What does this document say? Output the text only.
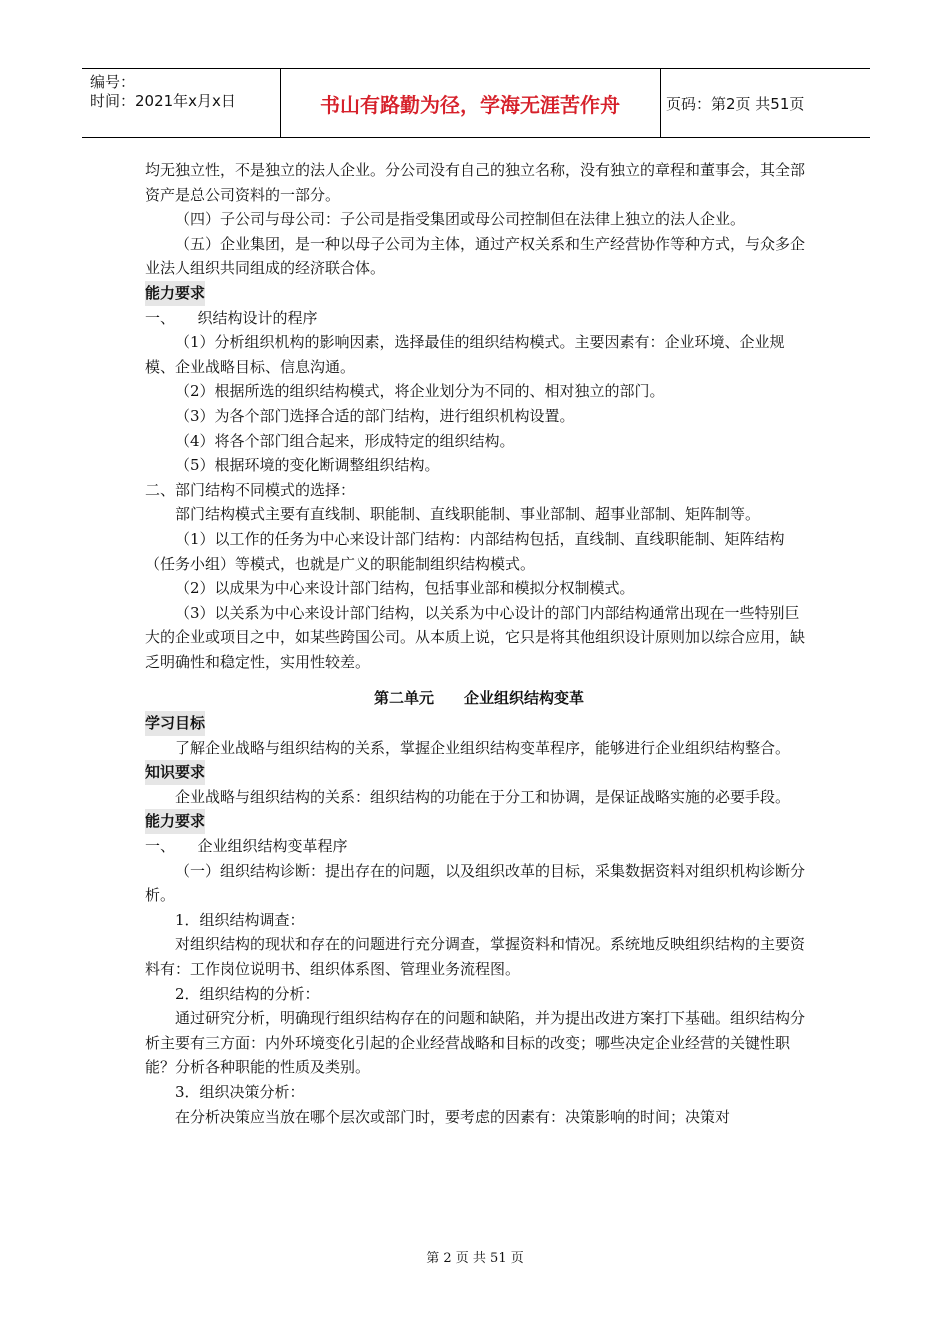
编号：
时间：2021年x月x日	书山有路勤为径，学海无涯苦作舟	页码：第2页 共51页

均无独立性，不是独立的法人企业。分公司没有自己的独立名称，没有独立的章程和董事会，其全部资产是总公司资料的一部分。

（四）子公司与母公司：子公司是指受集团或母公司控制但在法律上独立的法人企业。

（五）企业集团，是一种以母子公司为主体，通过产权关系和生产经营协作等种方式，与众多企业法人组织共同组成的经济联合体。

能力要求

一、　　织结构设计的程序

（1）分析组织机构的影响因素，选择最佳的组织结构模式。主要因素有：企业环境、企业规模、企业战略目标、信息沟通。

（2）根据所选的组织结构模式，将企业划分为不同的、相对独立的部门。

（3）为各个部门选择合适的部门结构，进行组织机构设置。

（4）将各个部门组合起来，形成特定的组织结构。

（5）根据环境的变化断调整组织结构。

二、部门结构不同模式的选择：

部门结构模式主要有直线制、职能制、直线职能制、事业部制、超事业部制、矩阵制等。

（1）以工作的任务为中心来设计部门结构：内部结构包括，直线制、直线职能制、矩阵结构（任务小组）等模式，也就是广义的职能制组织结构模式。

（2）以成果为中心来设计部门结构，包括事业部和模拟分权制模式。

（3）以关系为中心来设计部门结构，以关系为中心设计的部门内部结构通常出现在一些特别巨大的企业或项目之中，如某些跨国公司。从本质上说，它只是将其他组织设计原则加以综合应用，缺乏明确性和稳定性，实用性较差。

第二单元　　企业组织结构变革

学习目标

了解企业战略与组织结构的关系，掌握企业组织结构变革程序，能够进行企业组织结构整合。

知识要求

企业战略与组织结构的关系：组织结构的功能在于分工和协调，是保证战略实施的必要手段。

能力要求

一、　　企业组织结构变革程序

（一）组织结构诊断：提出存在的问题，以及组织改革的目标，采集数据资料对组织机构诊断分析。

1．组织结构调查：

对组织结构的现状和存在的问题进行充分调查，掌握资料和情况。系统地反映组织结构的主要资料有：工作岗位说明书、组织体系图、管理业务流程图。

2．组织结构的分析：

通过研究分析，明确现行组织结构存在的问题和缺陷，并为提出改进方案打下基础。组织结构分析主要有三方面：内外环境变化引起的企业经营战略和目标的改变；哪些决定企业经营的关键性职能？分析各种职能的性质及类别。

3．组织决策分析：

在分析决策应当放在哪个层次或部门时，要考虑的因素有：决策影响的时间；决策对

第 2 页 共 51 页
